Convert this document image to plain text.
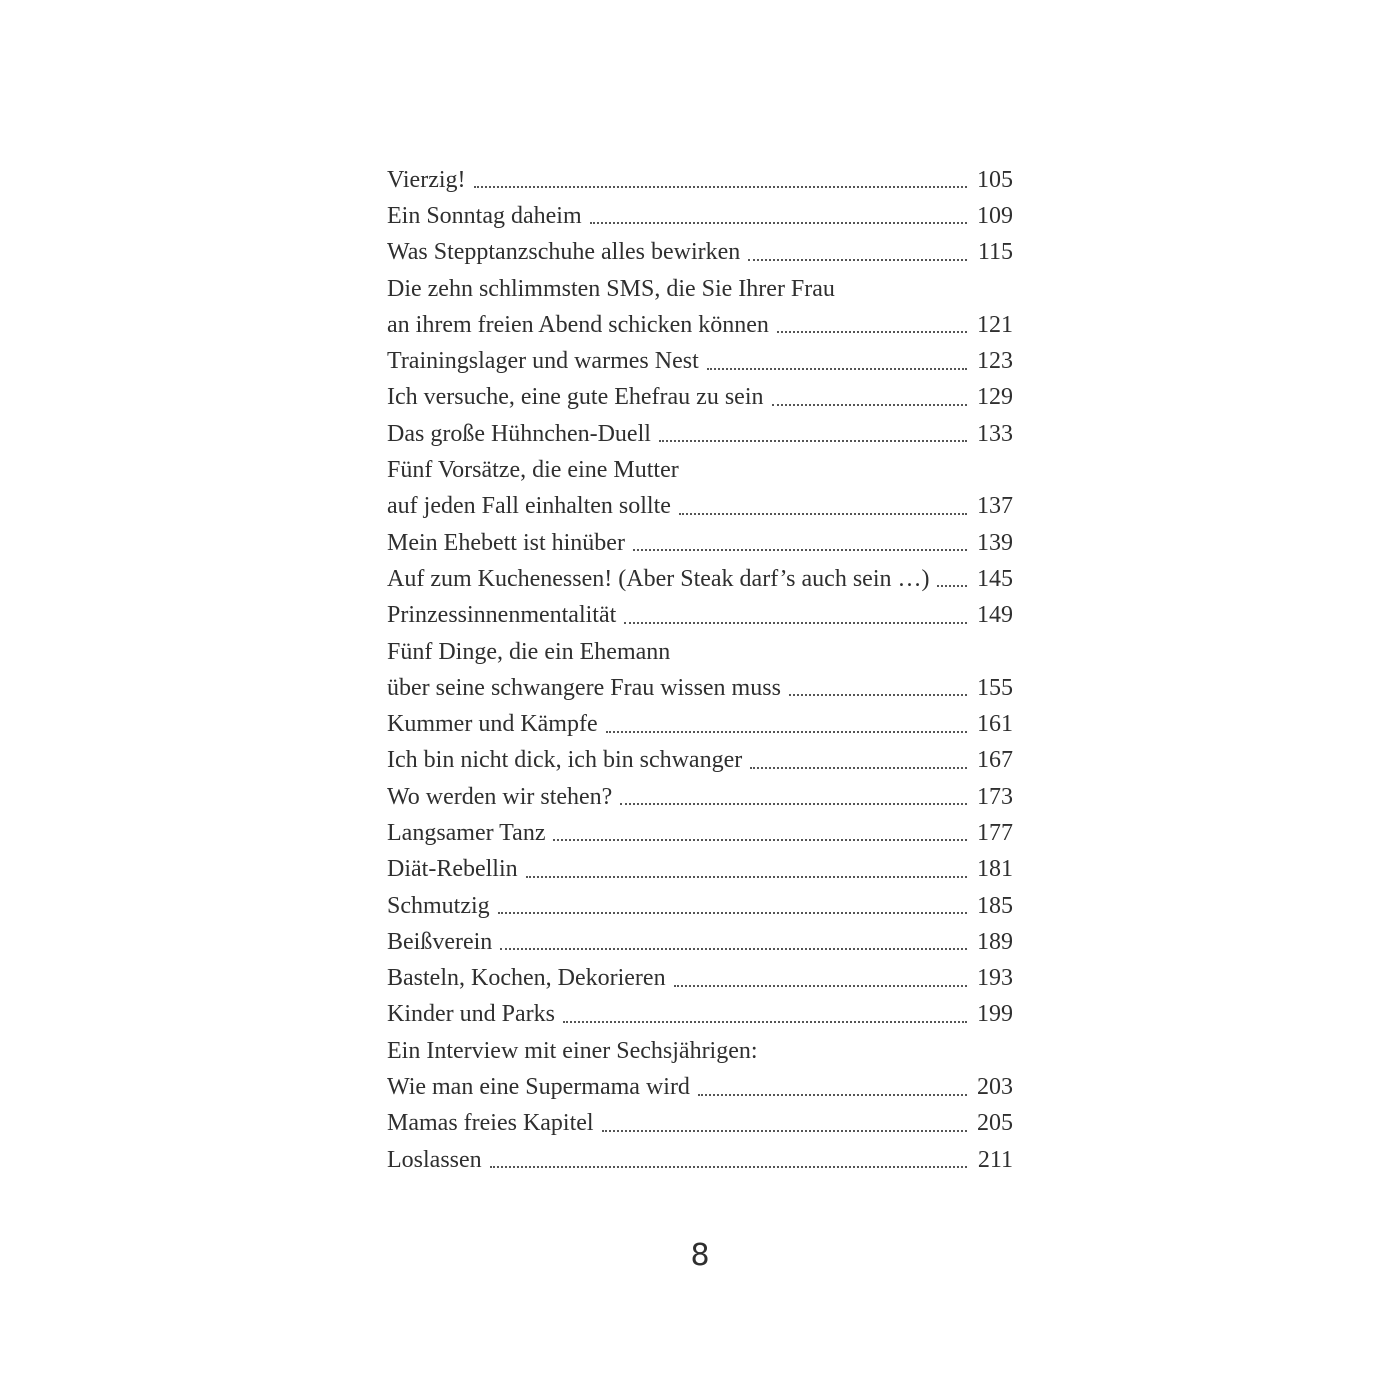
Vierzig!	105
Ein Sonntag daheim	109
Was Stepptanzschuhe alles bewirken	115
Die zehn schlimmsten SMS, die Sie Ihrer Frau
an ihrem freien Abend schicken können	121
Trainingslager und warmes Nest	123
Ich versuche, eine gute Ehefrau zu sein	129
Das große Hühnchen-Duell	133
Fünf Vorsätze, die eine Mutter
auf jeden Fall einhalten sollte	137
Mein Ehebett ist hinüber	139
Auf zum Kuchenessen! (Aber Steak darf’s auch sein …) 145
Prinzessinnenmentalität	149
Fünf Dinge, die ein Ehemann
über seine schwangere Frau wissen muss	155
Kummer und Kämpfe	161
Ich bin nicht dick, ich bin schwanger	167
Wo werden wir stehen?	173
Langsamer Tanz	177
Diät-Rebellin	181
Schmutzig	185
Beißverein	189
Basteln, Kochen, Dekorieren	193
Kinder und Parks	199
Ein Interview mit einer Sechsjährigen:
Wie man eine Supermama wird	203
Mamas freies Kapitel	205
Loslassen	211
8
